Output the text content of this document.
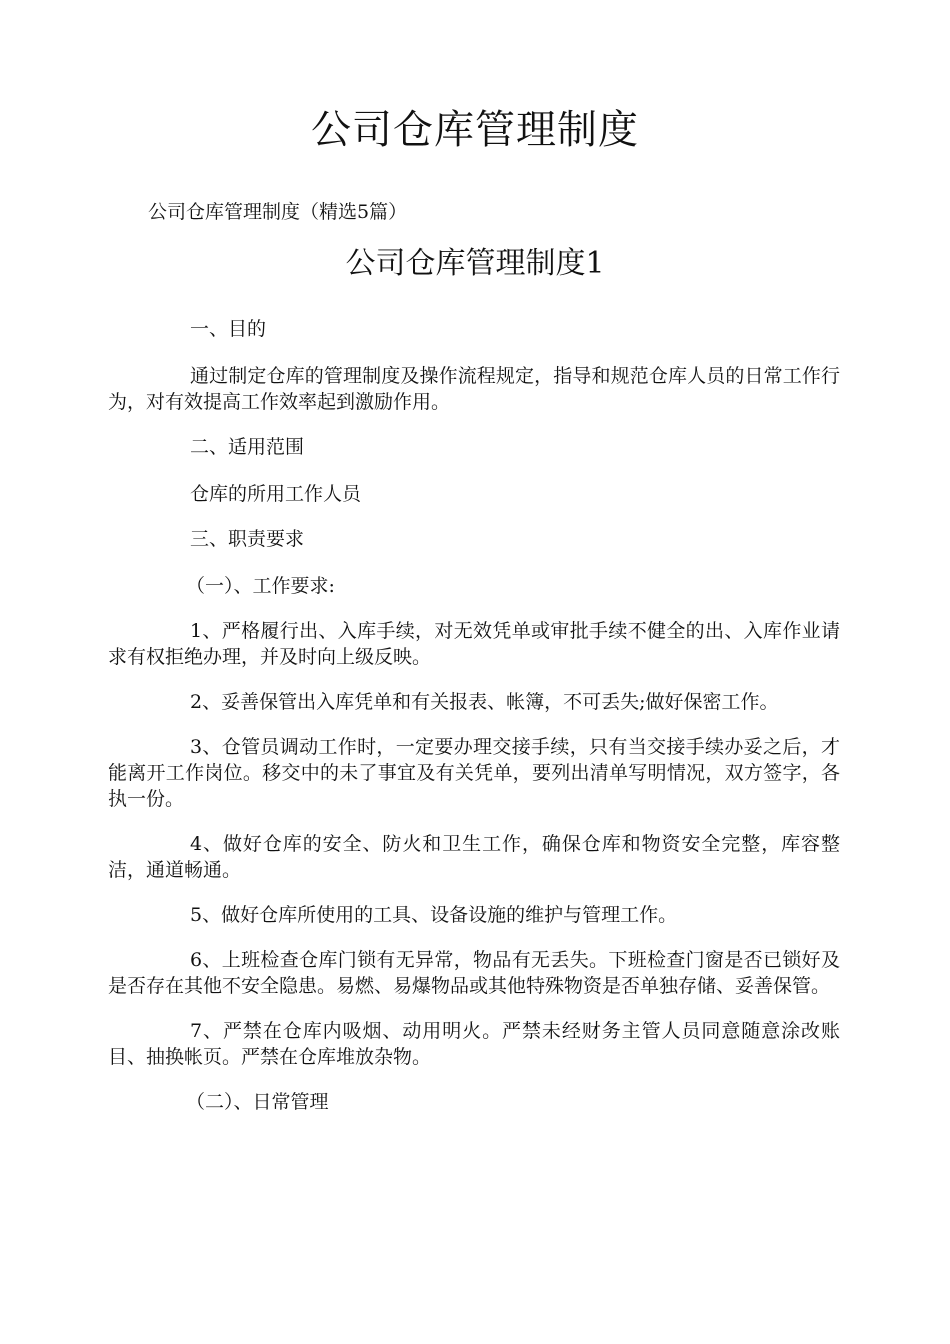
公司仓库管理制度
公司仓库管理制度（精选5篇）
公司仓库管理制度1

一、目的

通过制定仓库的管理制度及操作流程规定，指导和规范仓库人员的日常工作行为，对有效提高工作效率起到激励作用。

二、适用范围

仓库的所用工作人员

三、职责要求

（一）、工作要求:

1、严格履行出、入库手续，对无效凭单或审批手续不健全的出、入库作业请求有权拒绝办理，并及时向上级反映。

2、妥善保管出入库凭单和有关报表、帐簿，不可丢失;做好保密工作。

3、仓管员调动工作时，一定要办理交接手续，只有当交接手续办妥之后，才能离开工作岗位。移交中的未了事宜及有关凭单，要列出清单写明情况，双方签字，各执一份。

4、做好仓库的安全、防火和卫生工作，确保仓库和物资安全完整，库容整洁，通道畅通。

5、做好仓库所使用的工具、设备设施的维护与管理工作。

6、上班检查仓库门锁有无异常，物品有无丢失。下班检查门窗是否已锁好及是否存在其他不安全隐患。易燃、易爆物品或其他特殊物资是否单独存储、妥善保管。

7、严禁在仓库内吸烟、动用明火。严禁未经财务主管人员同意随意涂改账目、抽换帐页。严禁在仓库堆放杂物。

（二）、日常管理
